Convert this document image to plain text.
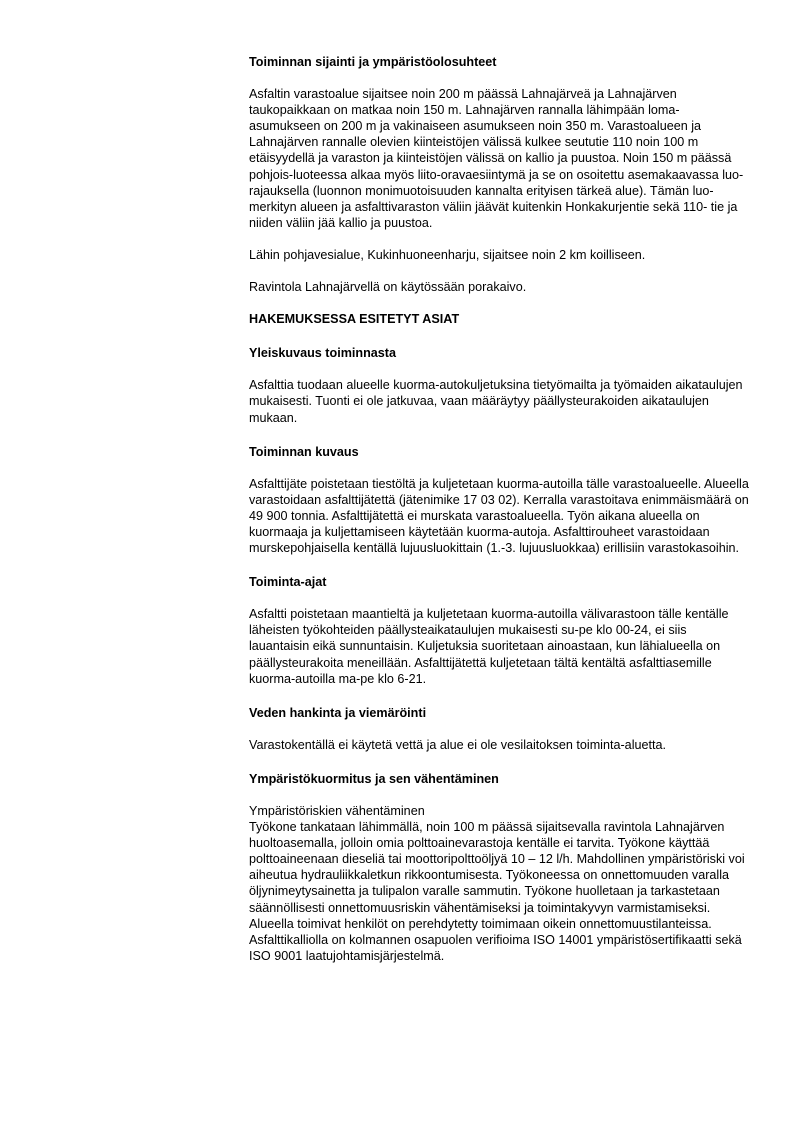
Toiminnan sijainti ja ympäristöolosuhteet

Asfaltin varastoalue sijaitsee noin 200 m päässä Lahnajärveä ja Lahnajärven taukopaikkaan on matkaa noin 150 m. Lahnajärven rannalla lähimpään loma-asumukseen on 200 m ja vakinaiseen asumukseen noin 350 m. Varastoalueen ja Lahnajärven rannalle olevien kiinteistöjen välissä kulkee seututie 110 noin 100 m etäisyydellä ja varaston ja kiinteistöjen välissä on kallio ja puustoa. Noin 150 m päässä pohjois-luoteessa alkaa myös liito-oravaesiintymä ja se on osoitettu asemakaavassa luo-rajauksella (luonnon monimuotoisuuden kannalta erityisen tärkeä alue). Tämän luo-merkityn alueen ja asfalttivaraston väliin jäävät kuitenkin Honkakurjentie sekä 110- tie ja niiden väliin jää kallio ja puustoa.

Lähin pohjavesialue, Kukinhuoneenharju, sijaitsee noin 2 km koilliseen.

Ravintola Lahnajärvellä on käytössään porakaivo.

HAKEMUKSESSA ESITETYT ASIAT

Yleiskuvaus toiminnasta

Asfalttia tuodaan alueelle kuorma-autokuljetuksina tietyömailta ja työmaiden aikataulujen mukaisesti. Tuonti ei ole jatkuvaa, vaan määräytyy päällysteurakoiden aikataulujen mukaan.

Toiminnan kuvaus

Asfalttijäte poistetaan tiestöltä ja kuljetetaan kuorma-autoilla tälle varastoalueelle. Alueella varastoidaan asfalttijätettä (jätenimike 17 03 02). Kerralla varastoitava enimmäismäärä on 49 900 tonnia. Asfalttijätettä ei murskata varastoalueella. Työn aikana alueella on kuormaaja ja kuljettamiseen käytetään kuorma-autoja. Asfalttirouheet varastoidaan murskepohjaisella kentällä lujuusluokittain (1.-3. lujuusluokkaa) erillisiin varastokasoihin.

Toiminta-ajat

Asfaltti poistetaan maantieltä ja kuljetetaan kuorma-autoilla välivarastoon tälle kentälle läheisten työkohteiden päällysteaikataulujen mukaisesti su-pe klo 00-24, ei siis lauantaisin eikä sunnuntaisin. Kuljetuksia suoritetaan ainoastaan, kun lähialueella on päällysteurakoita meneillään. Asfalttijätettä kuljetetaan tältä kentältä asfalttiasemille kuorma-autoilla ma-pe klo 6-21.

Veden hankinta ja viemäröinti

Varastokentällä ei käytetä vettä ja alue ei ole vesilaitoksen toiminta-aluetta.

Ympäristökuormitus ja sen vähentäminen

Ympäristöriskien vähentäminen

Työkone tankataan lähimmällä, noin 100 m päässä sijaitsevalla ravintola Lahnajärven huoltoasemalla, jolloin omia polttoainevarastoja kentälle ei tarvita. Työkone käyttää polttoaineenaan dieseliä tai moottoripolttoöljyä 10 – 12 l/h. Mahdollinen ympäristöriski voi aiheutua hydrauliikkaletkun rikkoontumisesta. Työkoneessa on onnettomuuden varalla öljynimeytysainetta ja tulipalon varalle sammutin. Työkone huolletaan ja tarkastetaan säännöllisesti onnettomuusriskin vähentämiseksi ja toimintakyvyn varmistamiseksi. Alueella toimivat henkilöt on perehdytetty toimimaan oikein onnettomuustilanteissa. Asfalttikalliolla on kolmannen osapuolen verifioima ISO 14001 ympäristösertifikaatti sekä ISO 9001 laatujohtamisjärjestelmä.
